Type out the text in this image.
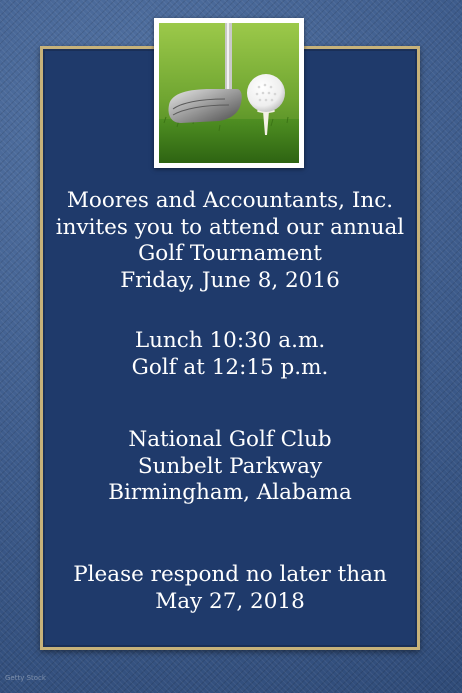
Moores and Accountants, Inc.
invites you to attend our annual
Golf Tournament
Friday, June 8, 2016
Lunch 10:30 a.m.
Golf at 12:15 p.m.
National Golf Club
Sunbelt Parkway
Birmingham, Alabama
Please respond no later than
May 27, 2018
Getty Stock
